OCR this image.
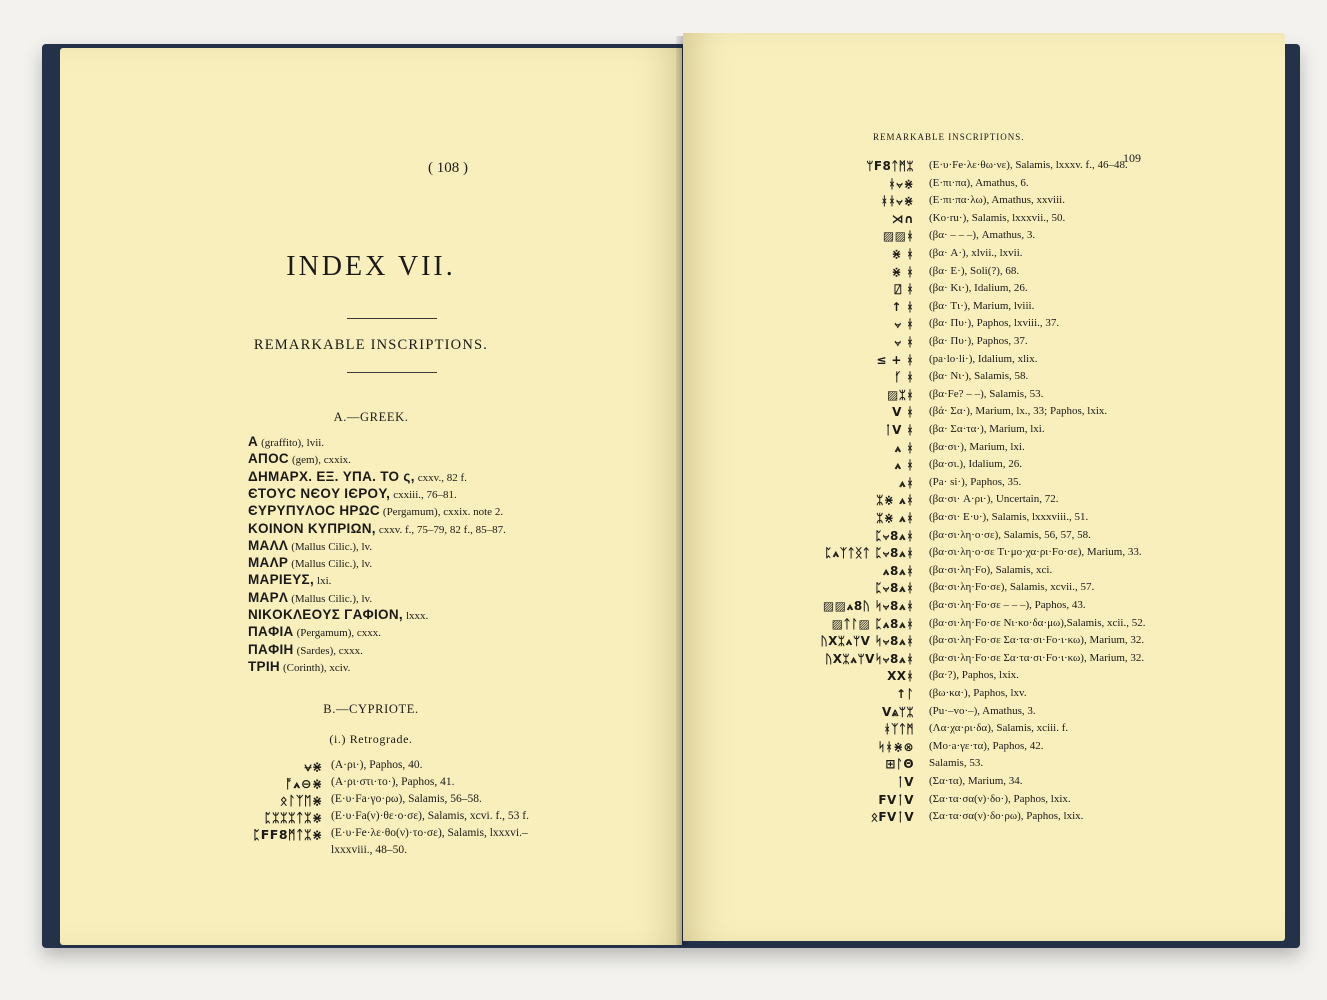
( 108 )
INDEX VII.
REMARKABLE INSCRIPTIONS.
A.—GREEK.
A (graffito), lvii.
AΠOC (gem), cxxix.
ΔHMAPX. EΞ. YΠA. TO ς, cxxv., 82 f.
ЄTOYC NЄOY IЄPOY, cxxiii., 76–81.
ЄYPYΠYΛOC HPΩC (Pergamum), cxxix. note 2.
KOINON KYΠPIΩN, cxxv. f., 75–79, 82 f., 85–87.
MAΛΛ (Mallus Cilic.), lv.
MAΛP (Mallus Cilic.), lv.
MAPIEYΣ, lxi.
MAPΛ (Mallus Cilic.), lv.
NIKOKΛEOYΣ ΓAΦION, lxxx.
ΠAΦIA (Pergamum), cxxx.
ΠAΦIH (Sardes), cxxx.
TPIH (Corinth), xciv.
B.—CYPRIOTE.
(i.) Retrograde.
⩝⋇ (A·ρι·), Paphos, 40.
ᚩ⩓⊖⋇ (A·ρι·στι·το·), Paphos, 41.
ᛟᛚᛉᛖ⋇ (E·υ·Fa·γο·ρω), Salamis, 56–58.
ᛈᛯᛯᛯᛏᛯ⋇ (E·υ·Fa(ν)·θε·ο·σε), Salamis, xcvi. f., 53 f.
ᛈFF8ᛗᛏᛯ⋇ (E·υ·Fe·λε·θο(ν)·το·σε), Salamis, lxxxvi.–
lxxxviii., 48–50.
REMARKABLE INSCRIPTIONS.
109
ᛘF8ᛏᛗᛯ (E·υ·Fe·λε·θω·νε), Salamis, lxxxv. f., 46–48.
ᚼ⩝⋇ (E·πι·πα), Amathus, 6.
ᚼᚼ⩝⋇ (E·πι·πα·λω), Amathus, xxviii.
⋊∩ (Ko·ru·), Salamis, lxxxvii., 50.
▨▨ᚼ (βα· – – –), Amathus, 3.
⋇ ᚼ (βα· A·), xlvii., lxvii.
⋇ ᚼ (βα· E·), Soli(?), 68.
⍁ ᚼ (βα· Kι·), Idalium, 26.
↑ ᚼ (βα· Tι·), Marium, lviii.
⩝ ᚼ (βα· Πυ·), Paphos, lxviii., 37.
⩝ ᚼ (βα· Πυ·), Paphos, 37.
≤ + ᚼ (pa·lo·li·), Idalium, xlix.
ᚶ ᚼ (βα· Nι·), Salamis, 58.
▨ᛯᚼ (βα·Fe? – –), Salamis, 53.
V ᚼ (βά· Σα·), Marium, lx., 33; Paphos, lxix.
ᛙV ᚼ (βα· Σα·τα·), Marium, lxi.
⩓ ᚼ (βα·σι·), Marium, lxi.
⩓ ᚼ (βα·σι.), Idalium, 26.
⩓ᚼ (Pa· si·), Paphos, 35.
ᛯ⋇ ⩓ᚼ (βα·σι· A·ρι·), Uncertain, 72.
ᛯ⋇ ⩓ᚼ (βα·σι· E·υ·), Salamis, lxxxviii., 51.
ᛈ⩝8⩓ᚼ (βα·σι·λη·ο·σε), Salamis, 56, 57, 58.
ᛈ⩓ᛉᛏᛝᛏ ᛈ⩝8⩓ᚼ (βα·σι·λη·ο·σε Tι·μο·χα·ρι·Fo·σε), Marium, 33.
⩓8⩓ᚼ (βα·σι·λη·Fo), Salamis, xci.
ᛈ⩝8⩓ᚼ (βα·σι·λη·Fo·σε), Salamis, xcvii., 57.
▨▨⩓8ᚢ ᛋ⩝8⩓ᚼ (βα·σι·λη·Fo·σε – – –), Paphos, 43.
▨ᛏᛚ▨ ᛈ⩓8⩓ᚼ (βα·σι·λη·Fo·σε Nι·κο·δα·μω),Salamis, xcii., 52.
ᚢXᛯ⩓ᛘV ᛋ⩝8⩓ᚼ (βα·σι·λη·Fo·σε Σα·τα·σι·Fo·ι·κω), Marium, 32.
ᚢXᛯ⩓ᛘVᛋ⩝8⩓ᚼ (βα·σι·λη·Fo·σε Σα·τα·σι·Fo·ι·κω), Marium, 32.
XXᚼ (βα·?), Paphos, lxix.
↑ᛚ (βω·κα·), Paphos, lxv.
V⩓ᛘᛯ (Pu·–vo·–), Amathus, 3.
ᚼᛉᛏᛗ (Λα·χα·ρι·δα), Salamis, xciii. f.
ᛋᚼ⋇⊗ (Mo·a·γε·τα), Paphos, 42.
⊞ᛚΘ Salamis, 53.
ᛙV (Σα·τα), Marium, 34.
FVᛙV (Σα·τα·σα(ν)·δο·), Paphos, lxix.
ᛟFVᛙV (Σα·τα·σα(ν)·δο·ρω), Paphos, lxix.
